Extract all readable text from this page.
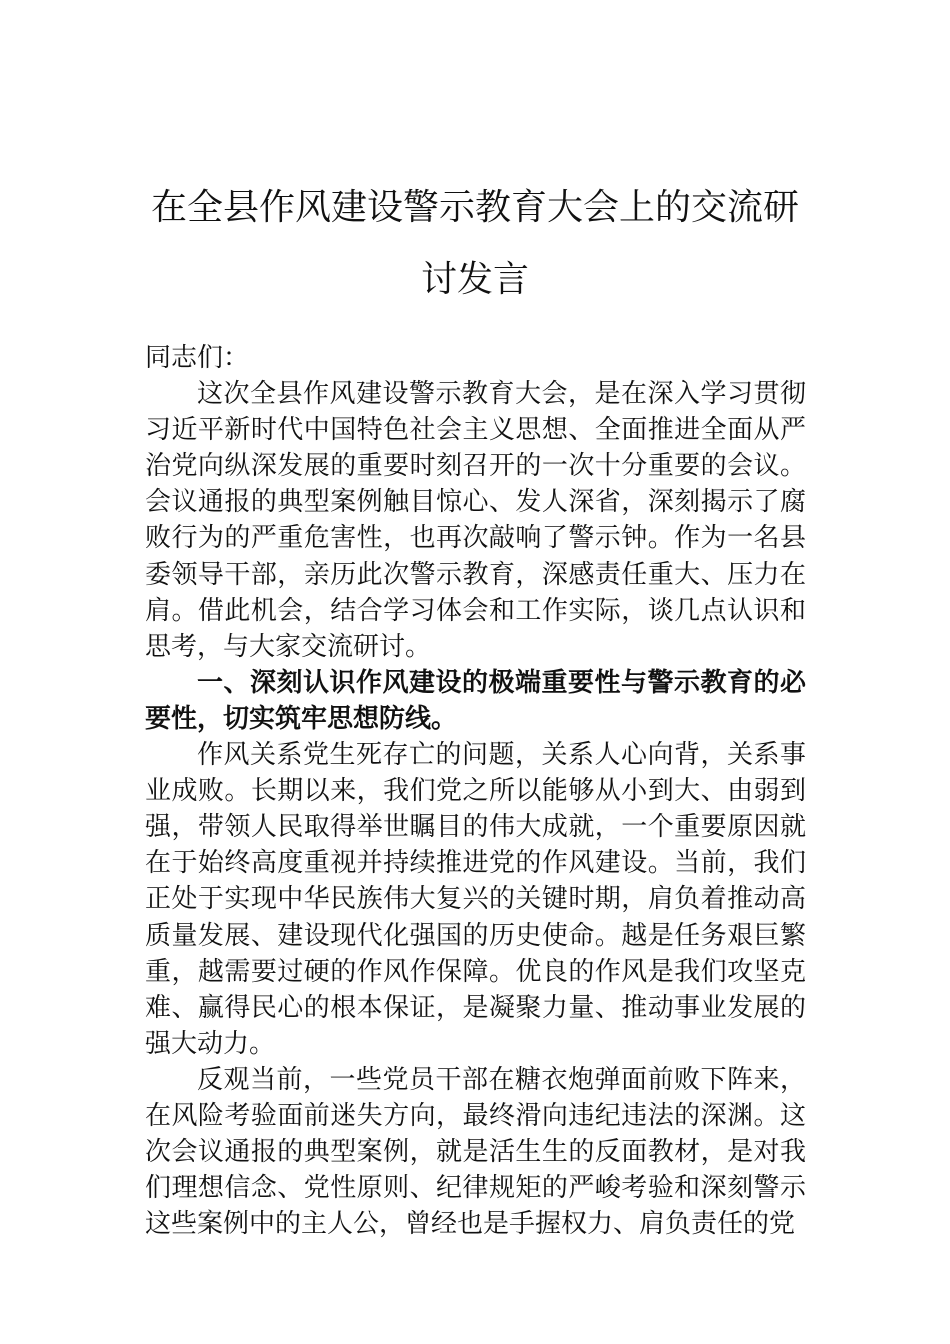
在全县作风建设警示教育大会上的交流研讨发言

同志们：

这次全县作风建设警示教育大会，是在深入学习贯彻习近平新时代中国特色社会主义思想、全面推进全面从严治党向纵深发展的重要时刻召开的一次十分重要的会议。会议通报的典型案例触目惊心、发人深省，深刻揭示了腐败行为的严重危害性，也再次敲响了警示钟。作为一名县委领导干部，亲历此次警示教育，深感责任重大、压力在肩。借此机会，结合学习体会和工作实际，谈几点认识和思考，与大家交流研讨。

一、深刻认识作风建设的极端重要性与警示教育的必要性，切实筑牢思想防线。

作风关系党生死存亡的问题，关系人心向背，关系事业成败。长期以来，我们党之所以能够从小到大、由弱到强，带领人民取得举世瞩目的伟大成就，一个重要原因就在于始终高度重视并持续推进党的作风建设。当前，我们正处于实现中华民族伟大复兴的关键时期，肩负着推动高质量发展、建设现代化强国的历史使命。越是任务艰巨繁重，越需要过硬的作风作保障。优良的作风是我们攻坚克难、赢得民心的根本保证，是凝聚力量、推动事业发展的强大动力。

反观当前，一些党员干部在糖衣炮弹面前败下阵来，在风险考验面前迷失方向，最终滑向违纪违法的深渊。这次会议通报的典型案例，就是活生生的反面教材，是对我们理想信念、党性原则、纪律规矩的严峻考验和深刻警示这些案例中的主人公，曾经也是手握权力、肩负责任的党
